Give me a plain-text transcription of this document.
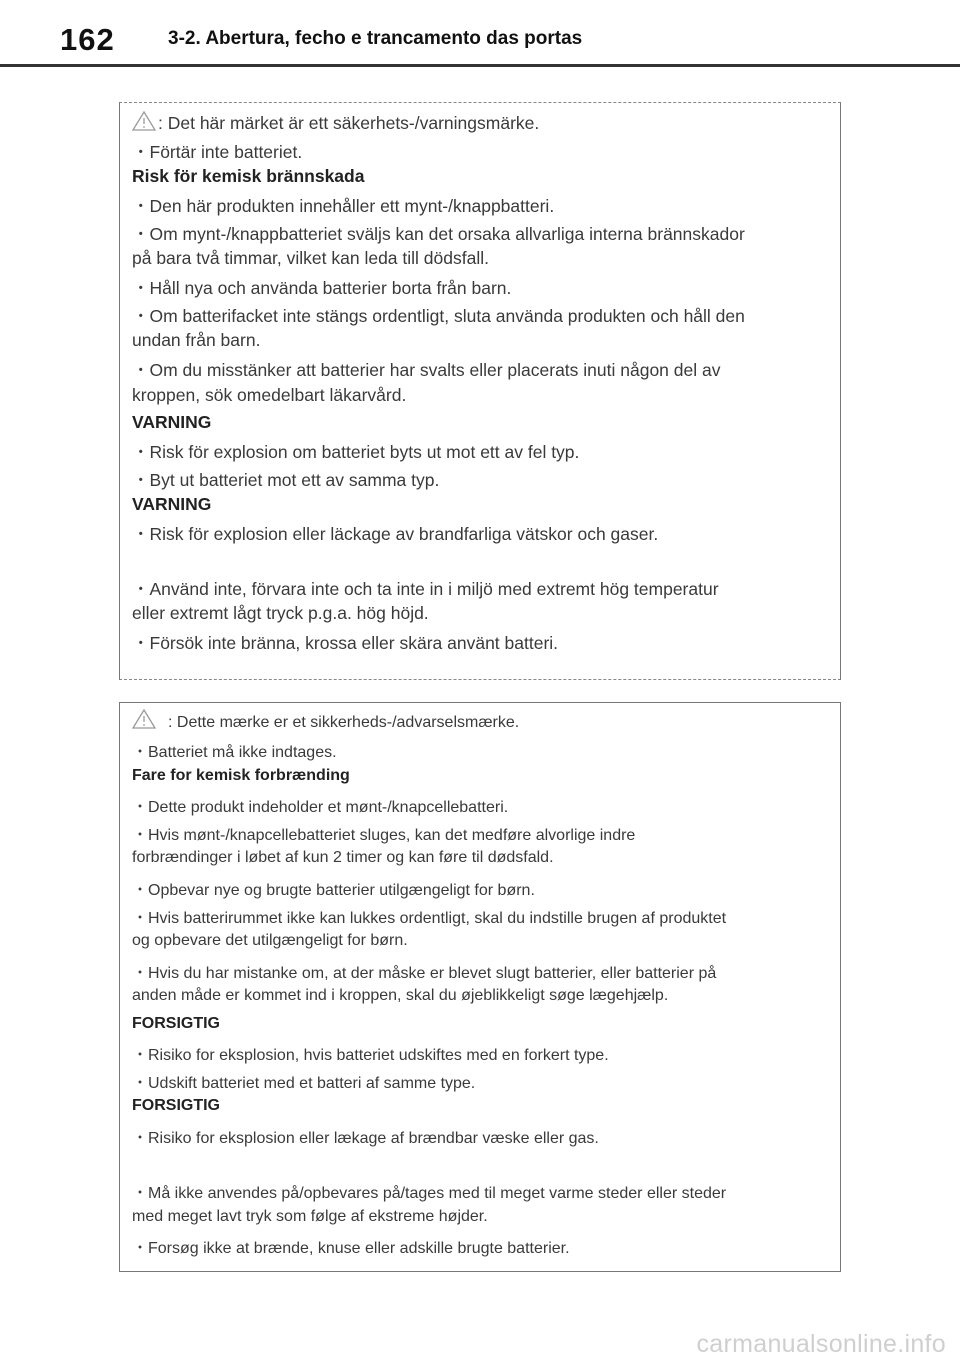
162	3-2. Abertura, fecho e trancamento das portas
: Det här märket är ett säkerhets-/varningsmärke.
・Förtär inte batteriet.
Risk för kemisk brännskada
・Den här produkten innehåller ett mynt-/knappbatteri.
・Om mynt-/knappbatteriet sväljs kan det orsaka allvarliga interna brännskador
på bara två timmar, vilket kan leda till dödsfall.
・Håll nya och använda batterier borta från barn.
・Om batterifacket inte stängs ordentligt, sluta använda produkten och håll den
undan från barn.
・Om du misstänker att batterier har svalts eller placerats inuti någon del av
kroppen, sök omedelbart läkarvård.
VARNING
・Risk för explosion om batteriet byts ut mot ett av fel typ.
・Byt ut batteriet mot ett av samma typ.
VARNING
・Risk för explosion eller läckage av brandfarliga vätskor och gaser.
・Använd inte, förvara inte och ta inte in i miljö med extremt hög temperatur
eller extremt lågt tryck p.g.a. hög höjd.
・Försök inte bränna, krossa eller skära använt batteri.
: Dette mærke er et sikkerheds-/advarselsmærke.
・Batteriet må ikke indtages.
Fare for kemisk forbrænding
・Dette produkt indeholder et mønt-/knapcellebatteri.
・Hvis mønt-/knapcellebatteriet sluges, kan det medføre alvorlige indre
forbrændinger i løbet af kun 2 timer og kan føre til dødsfald.
・Opbevar nye og brugte batterier utilgængeligt for børn.
・Hvis batterirummet ikke kan lukkes ordentligt, skal du indstille brugen af produktet
og opbevare det utilgængeligt for børn.
・Hvis du har mistanke om, at der måske er blevet slugt batterier, eller batterier på
anden måde er kommet ind i kroppen, skal du øjeblikkeligt søge lægehjælp.
FORSIGTIG
・Risiko for eksplosion, hvis batteriet udskiftes med en forkert type.
・Udskift batteriet med et batteri af samme type.
FORSIGTIG
・Risiko for eksplosion eller lækage af brændbar væske eller gas.
・Må ikke anvendes på/opbevares på/tages med til meget varme steder eller steder
med meget lavt tryk som følge af ekstreme højder.
・Forsøg ikke at brænde, knuse eller adskille brugte batterier.
carmanualsonline.info
